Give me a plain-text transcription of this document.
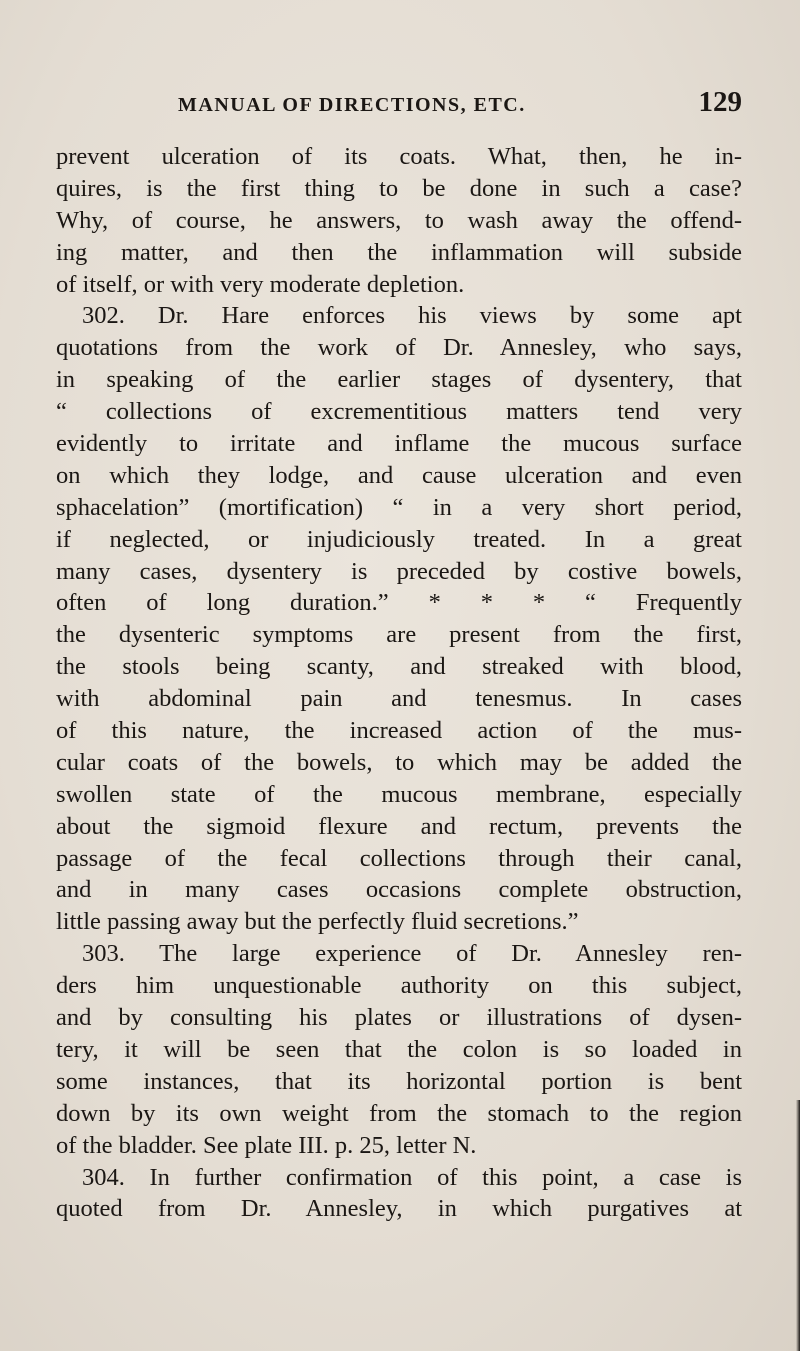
MANUAL OF DIRECTIONS, ETC.	129
prevent ulceration of its coats. What, then, he in-
quires, is the first thing to be done in such a case?
Why, of course, he answers, to wash away the offend-
ing matter, and then the inflammation will subside
of itself, or with very moderate depletion.
302. Dr. Hare enforces his views by some apt
quotations from the work of Dr. Annesley, who says,
in speaking of the earlier stages of dysentery, that
“ collections of excrementitious matters tend very
evidently to irritate and inflame the mucous surface
on which they lodge, and cause ulceration and even
sphacelation” (mortification) “ in a very short period,
if neglected, or injudiciously treated. In a great
many cases, dysentery is preceded by costive bowels,
often of long duration.” * * * “ Frequently
the dysenteric symptoms are present from the first,
the stools being scanty, and streaked with blood,
with abdominal pain and tenesmus. In cases
of this nature, the increased action of the mus-
cular coats of the bowels, to which may be added the
swollen state of the mucous membrane, especially
about the sigmoid flexure and rectum, prevents the
passage of the fecal collections through their canal,
and in many cases occasions complete obstruction,
little passing away but the perfectly fluid secretions.”
303. The large experience of Dr. Annesley ren-
ders him unquestionable authority on this subject,
and by consulting his plates or illustrations of dysen-
tery, it will be seen that the colon is so loaded in
some instances, that its horizontal portion is bent
down by its own weight from the stomach to the region
of the bladder. See plate III. p. 25, letter N.
304. In further confirmation of this point, a case is
quoted from Dr. Annesley, in which purgatives at
